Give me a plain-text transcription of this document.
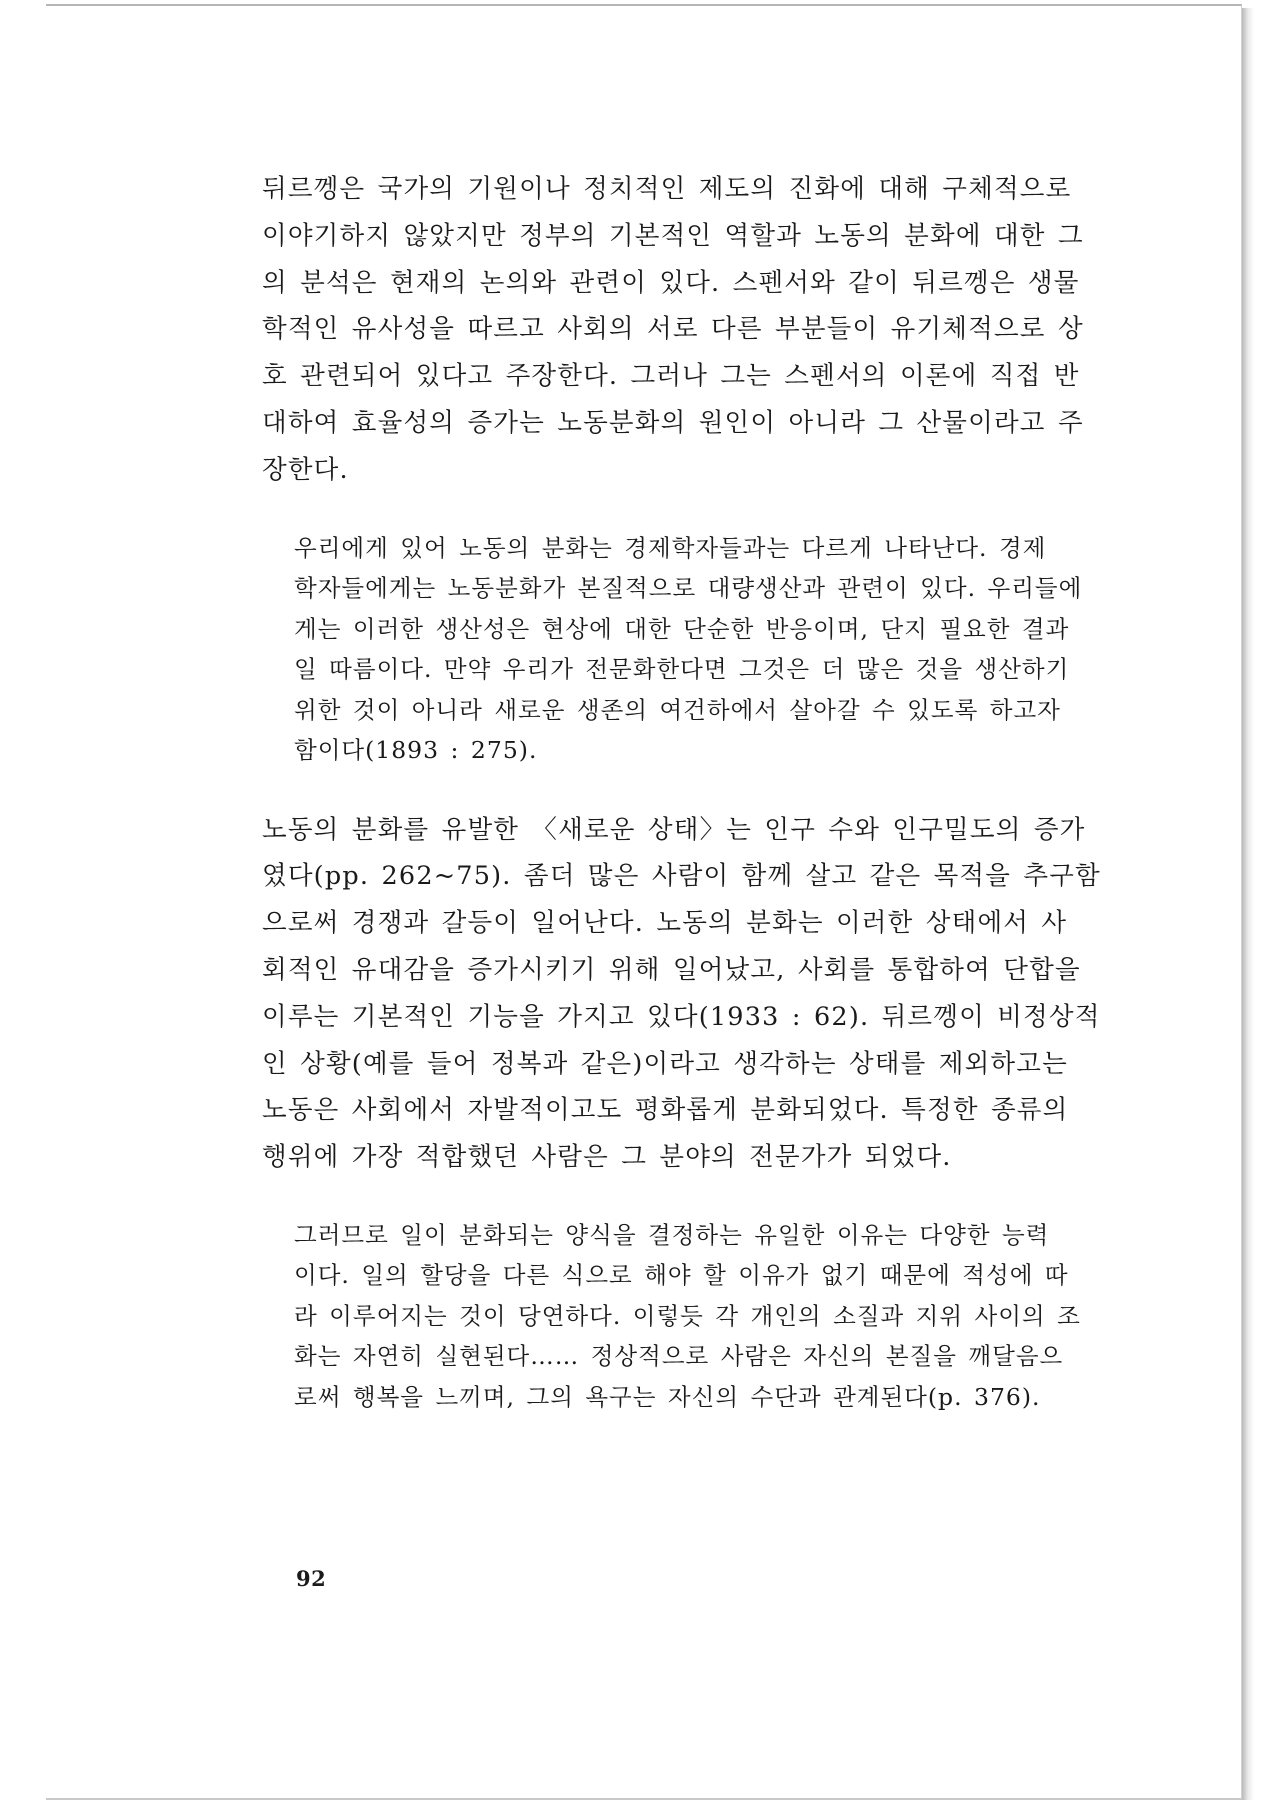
뒤르껭은 국가의 기원이나 정치적인 제도의 진화에 대해 구체적으로
이야기하지 않았지만 정부의 기본적인 역할과 노동의 분화에 대한 그
의 분석은 현재의 논의와 관련이 있다. 스펜서와 같이 뒤르껭은 생물
학적인 유사성을 따르고 사회의 서로 다른 부분들이 유기체적으로 상
호 관련되어 있다고 주장한다. 그러나 그는 스펜서의 이론에 직접 반
대하여 효율성의 증가는 노동분화의 원인이 아니라 그 산물이라고 주
장한다.

우리에게 있어 노동의 분화는 경제학자들과는 다르게 나타난다. 경제
학자들에게는 노동분화가 본질적으로 대량생산과 관련이 있다. 우리들에
게는 이러한 생산성은 현상에 대한 단순한 반응이며, 단지 필요한 결과
일 따름이다. 만약 우리가 전문화한다면 그것은 더 많은 것을 생산하기
위한 것이 아니라 새로운 생존의 여건하에서 살아갈 수 있도록 하고자
함이다(1893 : 275).

노동의 분화를 유발한 〈새로운 상태〉는 인구 수와 인구밀도의 증가
였다(pp. 262~75). 좀더 많은 사람이 함께 살고 같은 목적을 추구함
으로써 경쟁과 갈등이 일어난다. 노동의 분화는 이러한 상태에서 사
회적인 유대감을 증가시키기 위해 일어났고, 사회를 통합하여 단합을
이루는 기본적인 기능을 가지고 있다(1933 : 62). 뒤르껭이 비정상적
인 상황(예를 들어 정복과 같은)이라고 생각하는 상태를 제외하고는
노동은 사회에서 자발적이고도 평화롭게 분화되었다. 특정한 종류의
행위에 가장 적합했던 사람은 그 분야의 전문가가 되었다.

그러므로 일이 분화되는 양식을 결정하는 유일한 이유는 다양한 능력
이다. 일의 할당을 다른 식으로 해야 할 이유가 없기 때문에 적성에 따
라 이루어지는 것이 당연하다. 이렇듯 각 개인의 소질과 지위 사이의 조
화는 자연히 실현된다…… 정상적으로 사람은 자신의 본질을 깨달음으
로써 행복을 느끼며, 그의 욕구는 자신의 수단과 관계된다(p. 376).

92
